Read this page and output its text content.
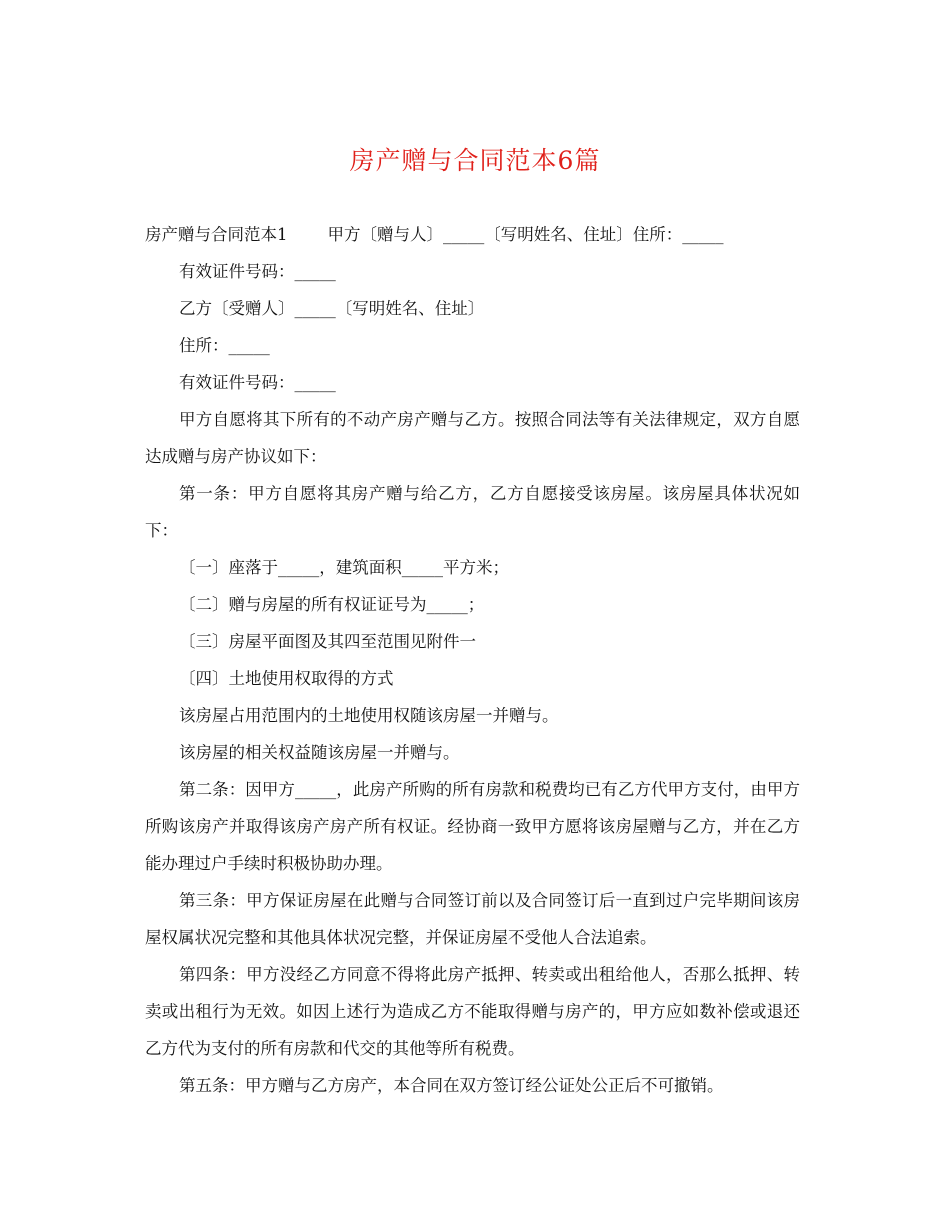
房产赠与合同范本6篇
房产赠与合同范本1 甲方〔赠与人〕_____〔写明姓名、住址〕住所：_____
有效证件号码：_____
乙方〔受赠人〕_____〔写明姓名、住址〕
住所：_____
有效证件号码：_____
甲方自愿将其下所有的不动产房产赠与乙方。按照合同法等有关法律规定，双方自愿达成赠与房产协议如下：
第一条：甲方自愿将其房产赠与给乙方，乙方自愿接受该房屋。该房屋具体状况如下：
〔一〕座落于_____，建筑面积_____平方米；
〔二〕赠与房屋的所有权证证号为_____；
〔三〕房屋平面图及其四至范围见附件一
〔四〕土地使用权取得的方式
该房屋占用范围内的土地使用权随该房屋一并赠与。
该房屋的相关权益随该房屋一并赠与。
第二条：因甲方_____，此房产所购的所有房款和税费均已有乙方代甲方支付，由甲方所购该房产并取得该房产房产所有权证。经协商一致甲方愿将该房屋赠与乙方，并在乙方能办理过户手续时积极协助办理。
第三条：甲方保证房屋在此赠与合同签订前以及合同签订后一直到过户完毕期间该房屋权属状况完整和其他具体状况完整，并保证房屋不受他人合法追索。
第四条：甲方没经乙方同意不得将此房产抵押、转卖或出租给他人，否那么抵押、转卖或出租行为无效。如因上述行为造成乙方不能取得赠与房产的，甲方应如数补偿或退还乙方代为支付的所有房款和代交的其他等所有税费。
第五条：甲方赠与乙方房产，本合同在双方签订经公证处公正后不可撤销。
